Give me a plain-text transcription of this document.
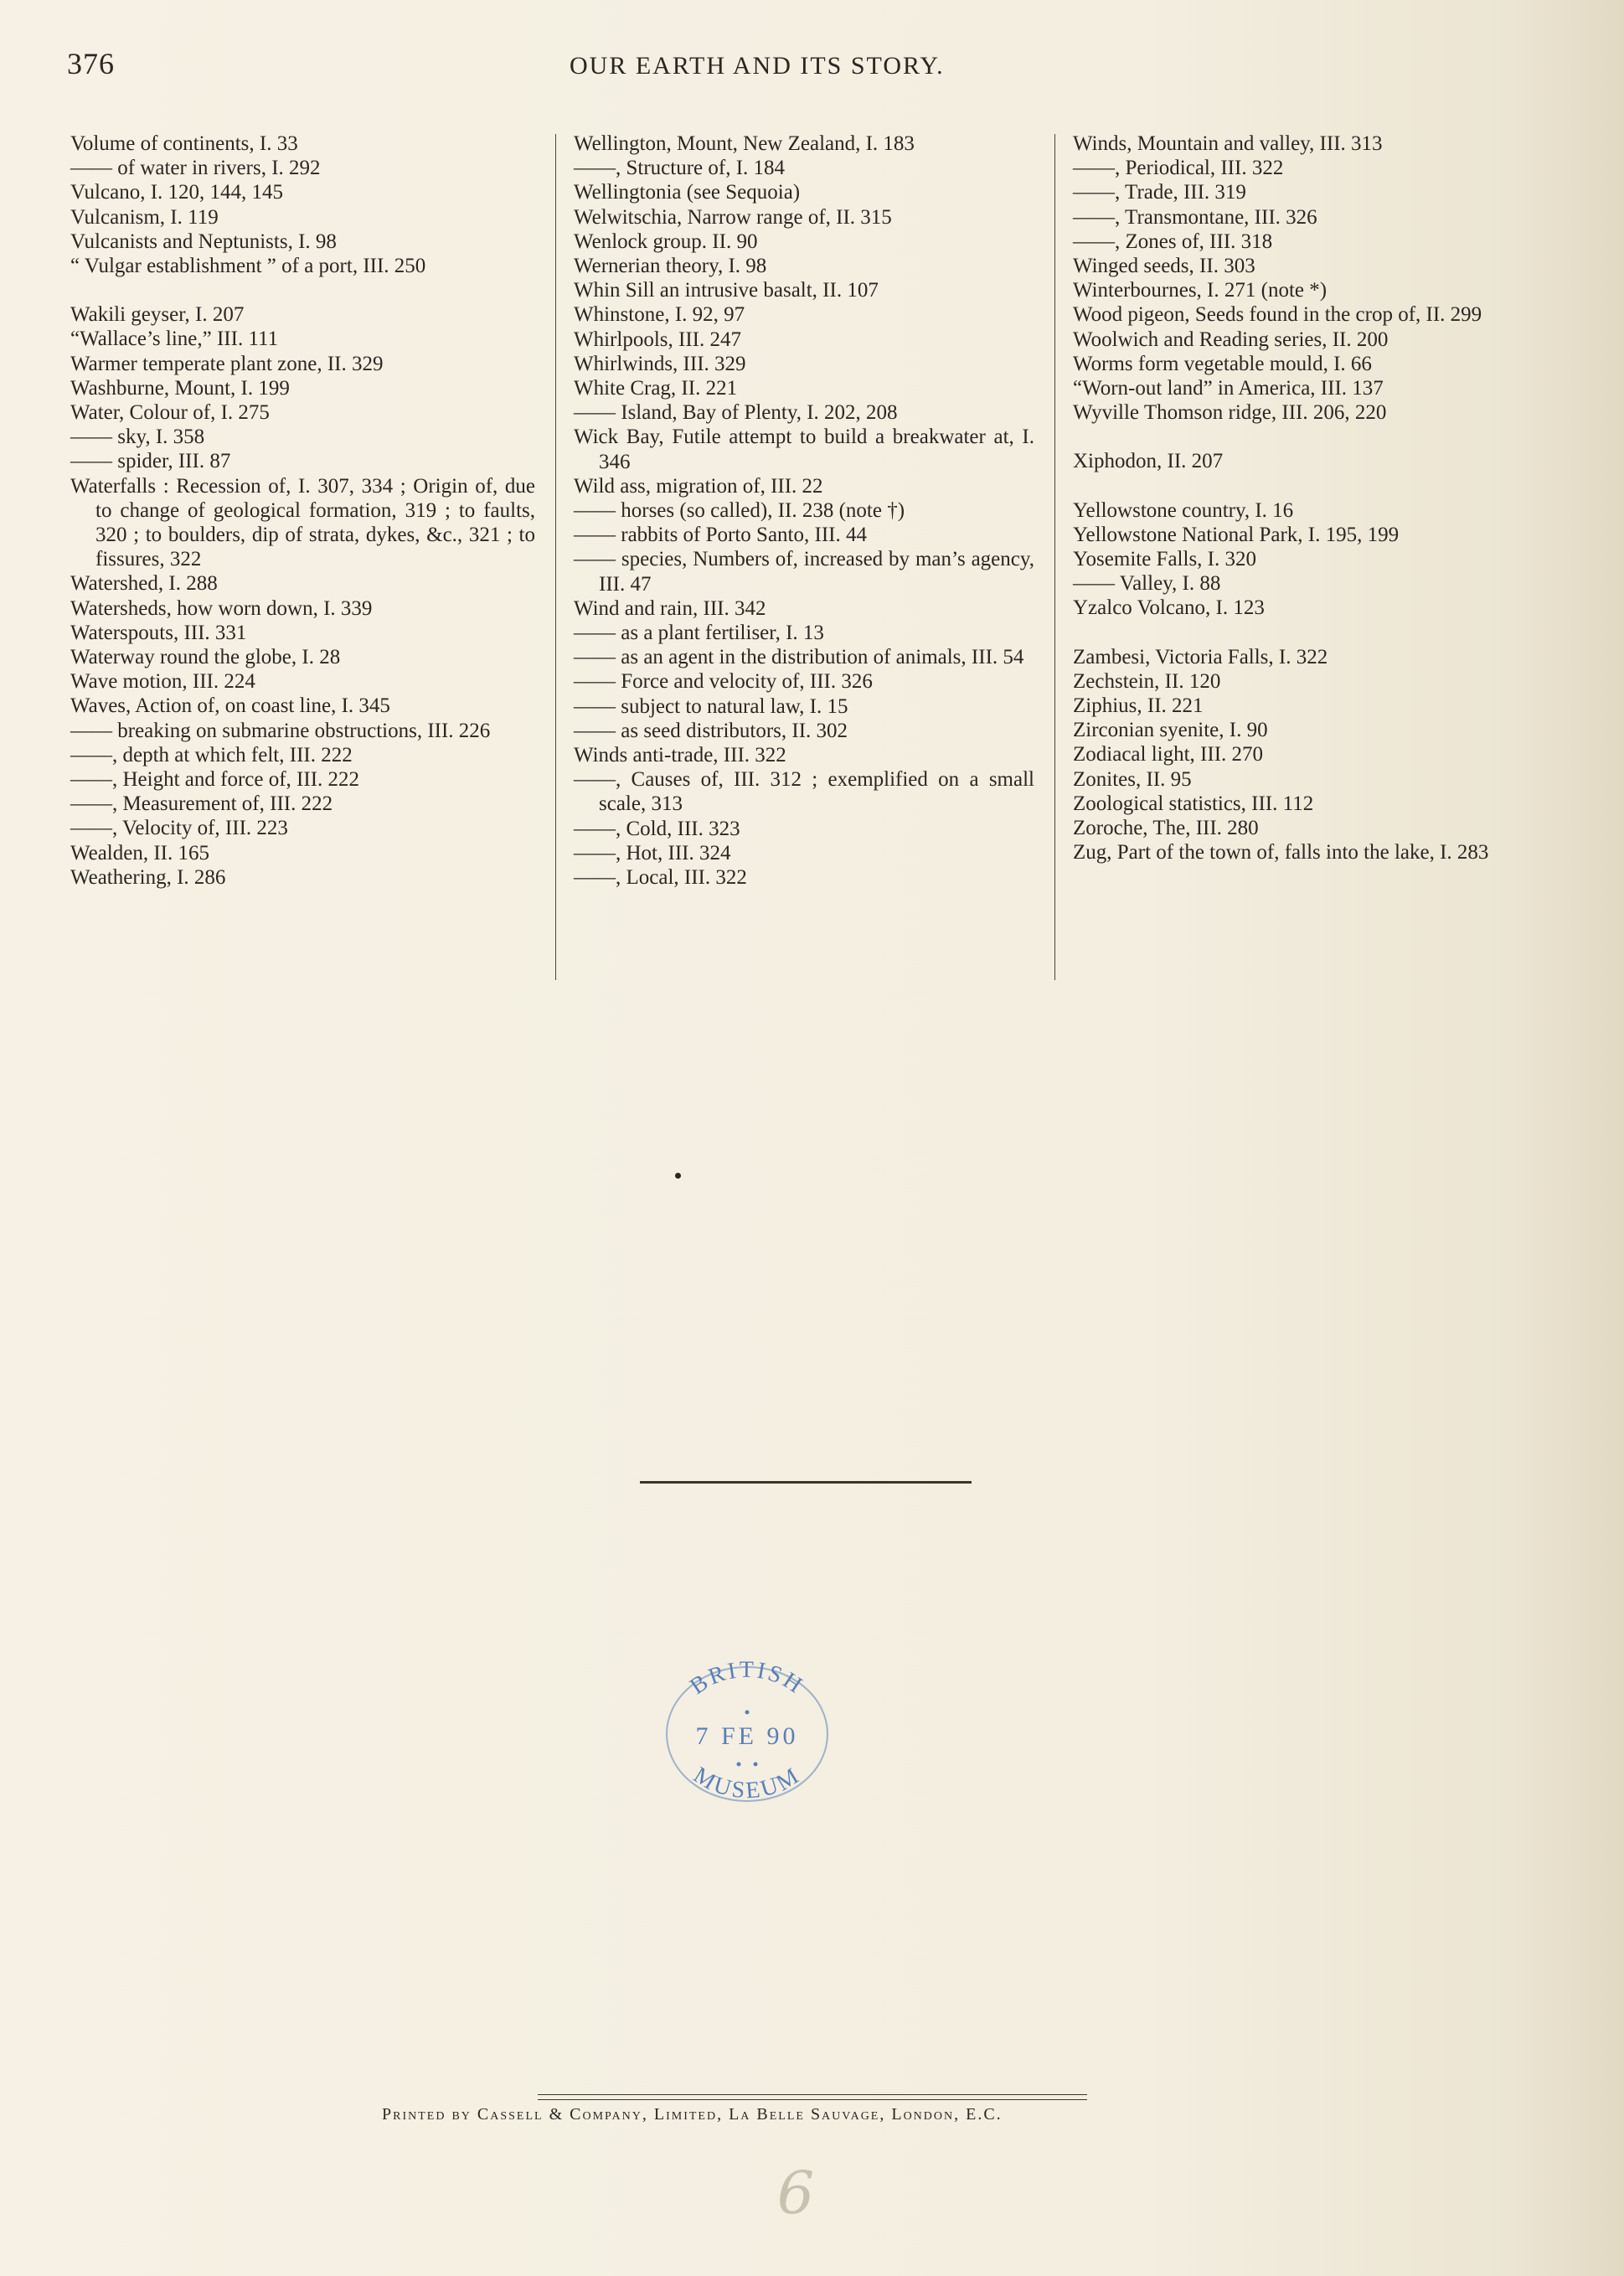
376	OUR EARTH AND ITS STORY.
Volume of continents, I. 33
—— of water in rivers, I. 292
Vulcano, I. 120, 144, 145
Vulcanism, I. 119
Vulcanists and Neptunists, I. 98
“ Vulgar establishment ” of a port, III. 250
Wakili geyser, I. 207
“Wallace’s line,” III. 111
Warmer temperate plant zone, II. 329
Washburne, Mount, I. 199
Water, Colour of, I. 275
—— sky, I. 358
—— spider, III. 87
Waterfalls : Recession of, I. 307, 334 ; Origin of, due to change of geological formation, 319 ; to faults, 320 ; to boulders, dip of strata, dykes, &c., 321 ; to fissures, 322
Watershed, I. 288
Watersheds, how worn down, I. 339
Waterspouts, III. 331
Waterway round the globe, I. 28
Wave motion, III. 224
Waves, Action of, on coast line, I. 345
—— breaking on submarine obstructions, III. 226
——, depth at which felt, III. 222
——, Height and force of, III. 222
——, Measurement of, III. 222
——, Velocity of, III. 223
Wealden, II. 165
Weathering, I. 286
Wellington, Mount, New Zealand, I. 183
——, Structure of, I. 184
Wellingtonia (see Sequoia)
Welwitschia, Narrow range of, II. 315
Wenlock group. II. 90
Wernerian theory, I. 98
Whin Sill an intrusive basalt, II. 107
Whinstone, I. 92, 97
Whirlpools, III. 247
Whirlwinds, III. 329
White Crag, II. 221
—— Island, Bay of Plenty, I. 202, 208
Wick Bay, Futile attempt to build a breakwater at, I. 346
Wild ass, migration of, III. 22
—— horses (so called), II. 238 (note †)
—— rabbits of Porto Santo, III. 44
—— species, Numbers of, increased by man’s agency, III. 47
Wind and rain, III. 342
—— as a plant fertiliser, I. 13
—— as an agent in the distribution of animals, III. 54
—— Force and velocity of, III. 326
—— subject to natural law, I. 15
—— as seed distributors, II. 302
Winds anti-trade, III. 322
——, Causes of, III. 312 ; exemplified on a small scale, 313
——, Cold, III. 323
——, Hot, III. 324
——, Local, III. 322
Winds, Mountain and valley, III. 313
——, Periodical, III. 322
——, Trade, III. 319
——, Transmontane, III. 326
——, Zones of, III. 318
Winged seeds, II. 303
Winterbournes, I. 271 (note *)
Wood pigeon, Seeds found in the crop of, II. 299
Woolwich and Reading series, II. 200
Worms form vegetable mould, I. 66
“Worn-out land” in America, III. 137
Wyville Thomson ridge, III. 206, 220
Xiphodon, II. 207
Yellowstone country, I. 16
Yellowstone National Park, I. 195, 199
Yosemite Falls, I. 320
—— Valley, I. 88
Yzalco Volcano, I. 123
Zambesi, Victoria Falls, I. 322
Zechstein, II. 120
Ziphius, II. 221
Zirconian syenite, I. 90
Zodiacal light, III. 270
Zonites, II. 95
Zoological statistics, III. 112
Zoroche, The, III. 280
Zug, Part of the town of, falls into the lake, I. 283
BRITISH
7 FE 90
MUSEUM
Printed by Cassell & Company, Limited, La Belle Sauvage, London, E.C.
6
